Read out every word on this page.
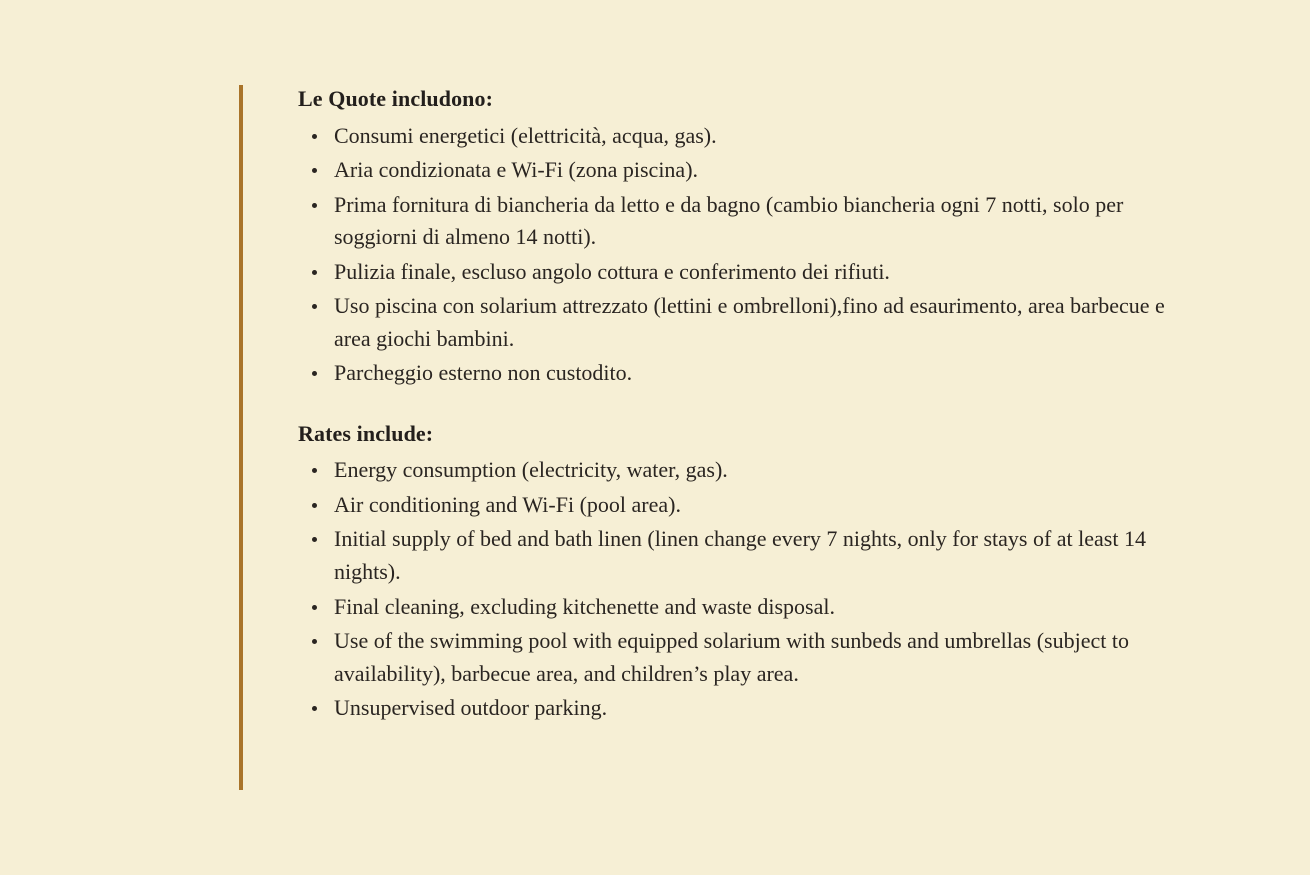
Le Quote includono:
Consumi energetici (elettricità, acqua, gas).
Aria condizionata e Wi-Fi (zona piscina).
Prima fornitura di biancheria da letto e da bagno (cambio biancheria ogni 7 notti, solo per soggiorni di almeno 14 notti).
Pulizia finale, escluso angolo cottura e conferimento dei rifiuti.
Uso piscina con solarium attrezzato (lettini e ombrelloni),fino ad esaurimento, area barbecue e area giochi bambini.
Parcheggio esterno non custodito.
Rates include:
Energy consumption (electricity, water, gas).
Air conditioning and Wi-Fi (pool area).
Initial supply of bed and bath linen (linen change every 7 nights, only for stays of at least 14 nights).
Final cleaning, excluding kitchenette and waste disposal.
Use of the swimming pool with equipped solarium with sunbeds and umbrellas (subject to availability), barbecue area, and children’s play area.
Unsupervised outdoor parking.
